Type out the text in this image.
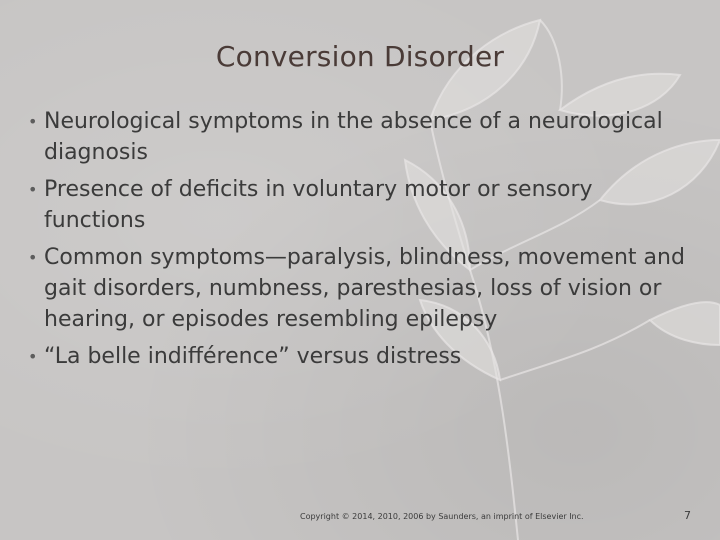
Conversion Disorder
• Neurological symptoms in the absence of a neurological diagnosis
• Presence of deficits in voluntary motor or sensory functions
• Common symptoms—paralysis, blindness, movement and gait disorders, numbness, paresthesias, loss of vision or hearing, or episodes resembling epilepsy
• “La belle indifférence” versus distress
Copyright © 2014, 2010, 2006 by Saunders, an imprint of Elsevier Inc.	7
